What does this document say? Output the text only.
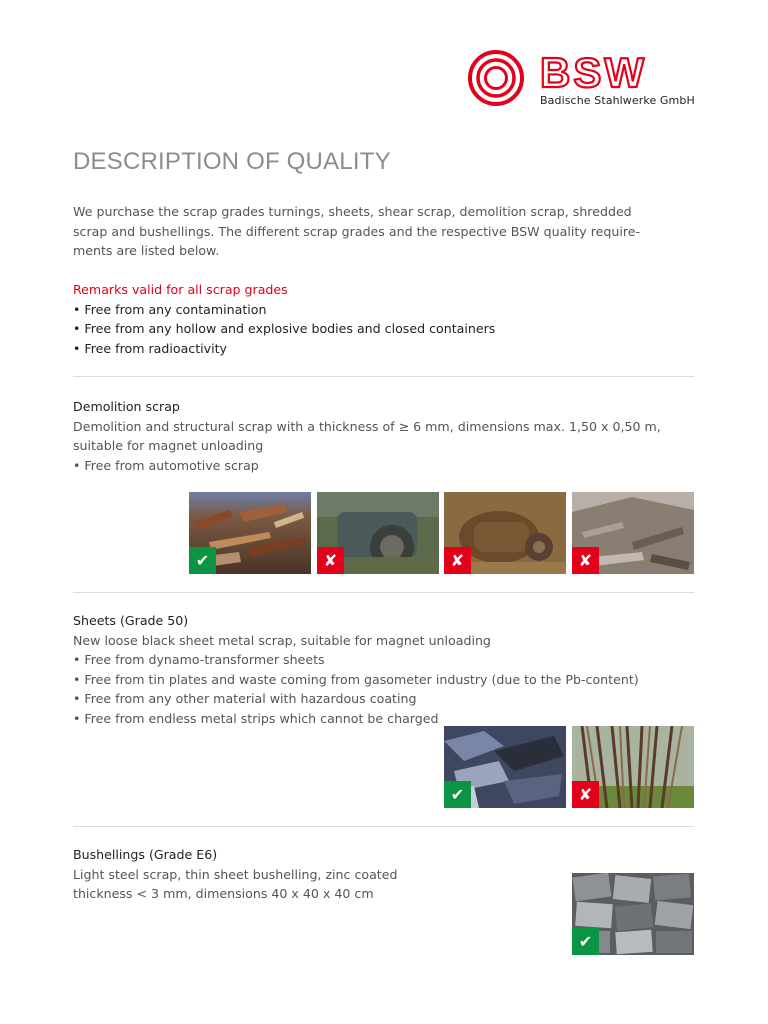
BSW
Badische Stahlwerke GmbH
DESCRIPTION OF QUALITY
We purchase the scrap grades turnings, sheets, shear scrap, demolition scrap, shredded
scrap and bushellings. The different scrap grades and the respective BSW quality require-
ments are listed below.
Remarks valid for all scrap grades
• Free from any contamination
• Free from any hollow and explosive bodies and closed containers
• Free from radioactivity
Demolition scrap
Demolition and structural scrap with a thickness of ≥ 6 mm, dimensions max. 1,50 x 0,50 m,
suitable for magnet unloading
• Free from automotive scrap
✔	✘	✘	✘
Sheets (Grade 50)
New loose black sheet metal scrap, suitable for magnet unloading
• Free from dynamo-transformer sheets
• Free from tin plates and waste coming from gasometer industry (due to the Pb-content)
• Free from any other material with hazardous coating
• Free from endless metal strips which cannot be charged
✔	✘
Bushellings (Grade E6)
Light steel scrap, thin sheet bushelling, zinc coated
thickness < 3 mm, dimensions 40 x 40 x 40 cm
✔
